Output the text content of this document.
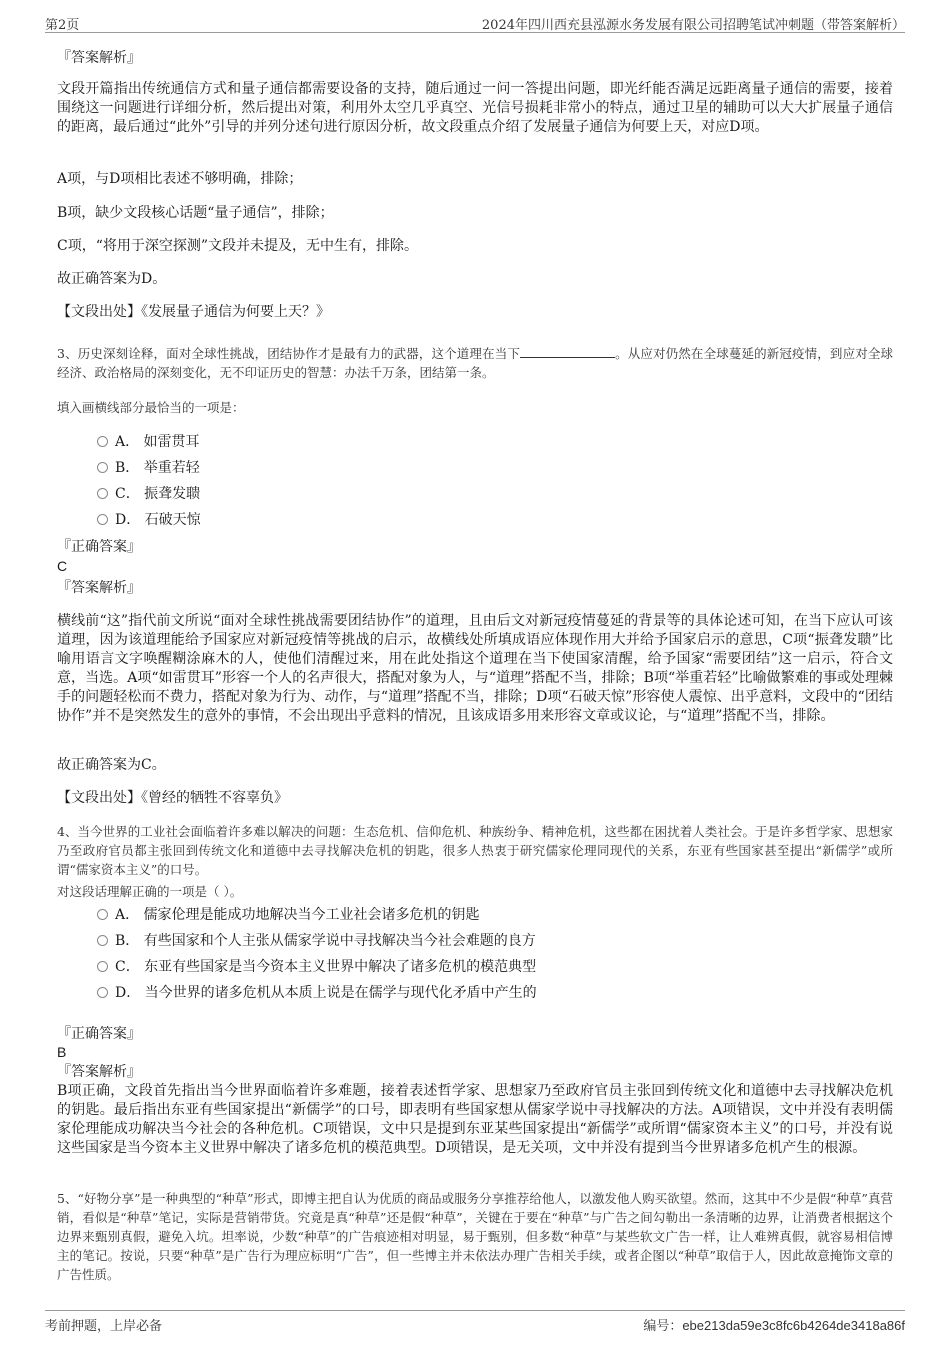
第2页	2024年四川西充县泓源水务发展有限公司招聘笔试冲刺题（带答案解析）
『答案解析』
文段开篇指出传统通信方式和量子通信都需要设备的支持，随后通过一问一答提出问题，即光纤能否满足远距离量子通信的需要，接着围绕这一问题进行详细分析，然后提出对策，利用外太空几乎真空、光信号损耗非常小的特点，通过卫星的辅助可以大大扩展量子通信的距离，最后通过“此外”引导的并列分述句进行原因分析，故文段重点介绍了发展量子通信为何要上天，对应D项。
A项，与D项相比表述不够明确，排除；
B项，缺少文段核心话题“量子通信”，排除；
C项，“将用于深空探测”文段并未提及，无中生有，排除。
故正确答案为D。
【文段出处】《发展量子通信为何要上天？》
3、历史深刻诠释，面对全球性挑战，团结协作才是最有力的武器，这个道理在当下	。从应对仍然在全球蔓延的新冠疫情，到应对全球经济、政治格局的深刻变化，无不印证历史的智慧：办法千万条，团结第一条。
填入画横线部分最恰当的一项是：
A． 如雷贯耳
B． 举重若轻
C． 振聋发聩
D． 石破天惊
『正确答案』
C
『答案解析』
横线前“这”指代前文所说“面对全球性挑战需要团结协作”的道理，且由后文对新冠疫情蔓延的背景等的具体论述可知，在当下应认可该道理，因为该道理能给予国家应对新冠疫情等挑战的启示，故横线处所填成语应体现作用大并给予国家启示的意思，C项“振聋发聩”比喻用语言文字唤醒糊涂麻木的人，使他们清醒过来，用在此处指这个道理在当下使国家清醒，给予国家“需要团结”这一启示，符合文意，当选。A项“如雷贯耳”形容一个人的名声很大，搭配对象为人，与“道理”搭配不当，排除；B项“举重若轻”比喻做繁难的事或处理棘手的问题轻松而不费力，搭配对象为行为、动作，与“道理”搭配不当，排除；D项“石破天惊”形容使人震惊、出乎意料，文段中的“团结协作”并不是突然发生的意外的事情，不会出现出乎意料的情况，且该成语多用来形容文章或议论，与“道理”搭配不当，排除。
故正确答案为C。
【文段出处】《曾经的牺牲不容辜负》
4、当今世界的工业社会面临着许多难以解决的问题：生态危机、信仰危机、种族纷争、精神危机，这些都在困扰着人类社会。于是许多哲学家、思想家乃至政府官员都主张回到传统文化和道德中去寻找解决危机的钥匙，很多人热衷于研究儒家伦理同现代的关系，东亚有些国家甚至提出“新儒学”或所谓“儒家资本主义”的口号。
对这段话理解正确的一项是（ ）。
A． 儒家伦理是能成功地解决当今工业社会诸多危机的钥匙
B． 有些国家和个人主张从儒家学说中寻找解决当今社会难题的良方
C． 东亚有些国家是当今资本主义世界中解决了诸多危机的模范典型
D． 当今世界的诸多危机从本质上说是在儒学与现代化矛盾中产生的
『正确答案』
B
『答案解析』
B项正确，文段首先指出当今世界面临着许多难题，接着表述哲学家、思想家乃至政府官员主张回到传统文化和道德中去寻找解决危机的钥匙。最后指出东亚有些国家提出“新儒学”的口号，即表明有些国家想从儒家学说中寻找解决的方法。A项错误，文中并没有表明儒家伦理能成功解决当今社会的各种危机。C项错误，文中只是提到东亚某些国家提出“新儒学”或所谓“儒家资本主义”的口号，并没有说这些国家是当今资本主义世界中解决了诸多危机的模范典型。D项错误，是无关项，文中并没有提到当今世界诸多危机产生的根源。
5、“好物分享”是一种典型的“种草”形式，即博主把自认为优质的商品或服务分享推荐给他人，以激发他人购买欲望。然而，这其中不少是假“种草”真营销，看似是“种草”笔记，实际是营销带货。究竟是真“种草”还是假“种草”，关键在于要在“种草”与广告之间勾勒出一条清晰的边界，让消费者根据这个边界来甄别真假，避免入坑。坦率说，少数“种草”的广告痕迹相对明显，易于甄别，但多数“种草”与某些软文广告一样，让人难辨真假，就容易相信博主的笔记。按说，只要“种草”是广告行为理应标明“广告”，但一些博主并未依法办理广告相关手续，或者企图以“种草”取信于人，因此故意掩饰文章的广告性质。
考前押题，上岸必备	编号：ebe213da59e3c8fc6b4264de3418a86f
